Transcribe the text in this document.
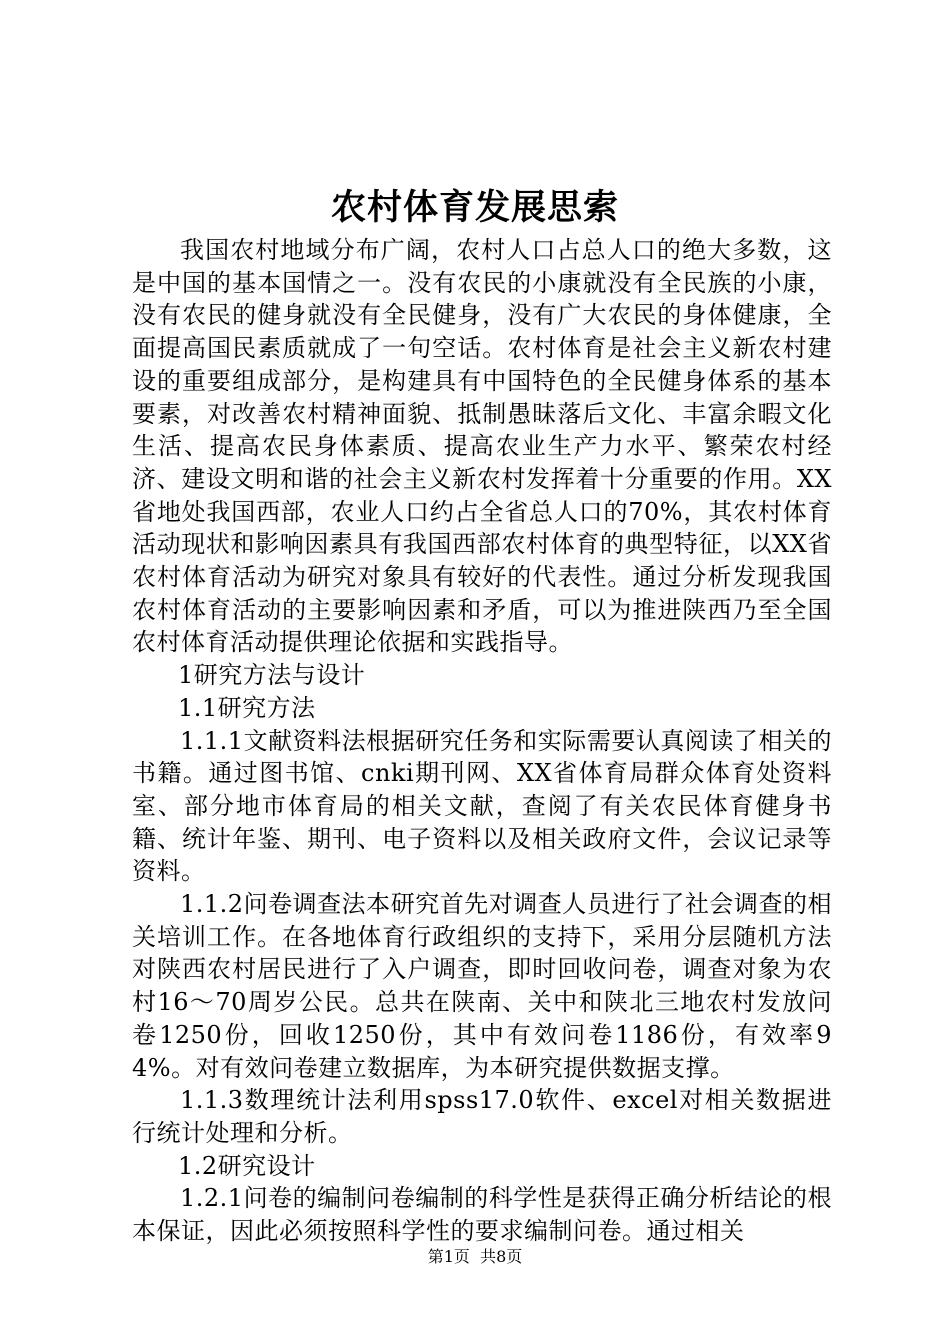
农村体育发展思索

我国农村地域分布广阔，农村人口占总人口的绝大多数，这是中国的基本国情之一。没有农民的小康就没有全民族的小康，没有农民的健身就没有全民健身，没有广大农民的身体健康，全面提高国民素质就成了一句空话。农村体育是社会主义新农村建设的重要组成部分，是构建具有中国特色的全民健身体系的基本要素，对改善农村精神面貌、抵制愚昧落后文化、丰富余暇文化生活、提高农民身体素质、提高农业生产力水平、繁荣农村经济、建设文明和谐的社会主义新农村发挥着十分重要的作用。XX省地处我国西部，农业人口约占全省总人口的70%，其农村体育活动现状和影响因素具有我国西部农村体育的典型特征，以XX省农村体育活动为研究对象具有较好的代表性。通过分析发现我国农村体育活动的主要影响因素和矛盾，可以为推进陕西乃至全国农村体育活动提供理论依据和实践指导。

1研究方法与设计

1.1研究方法

1.1.1文献资料法根据研究任务和实际需要认真阅读了相关的书籍。通过图书馆、cnki期刊网、XX省体育局群众体育处资料室、部分地市体育局的相关文献，查阅了有关农民体育健身书籍、统计年鉴、期刊、电子资料以及相关政府文件，会议记录等资料。

1.1.2问卷调查法本研究首先对调查人员进行了社会调查的相关培训工作。在各地体育行政组织的支持下，采用分层随机方法对陕西农村居民进行了入户调查，即时回收问卷，调查对象为农村16～70周岁公民。总共在陕南、关中和陕北三地农村发放问卷1250份，回收1250份，其中有效问卷1186份，有效率94%。对有效问卷建立数据库，为本研究提供数据支撑。

1.1.3数理统计法利用spss17.0软件、excel对相关数据进行统计处理和分析。

1.2研究设计

1.2.1问卷的编制问卷编制的科学性是获得正确分析结论的根本保证，因此必须按照科学性的要求编制问卷。通过相关

第1页 共8页
